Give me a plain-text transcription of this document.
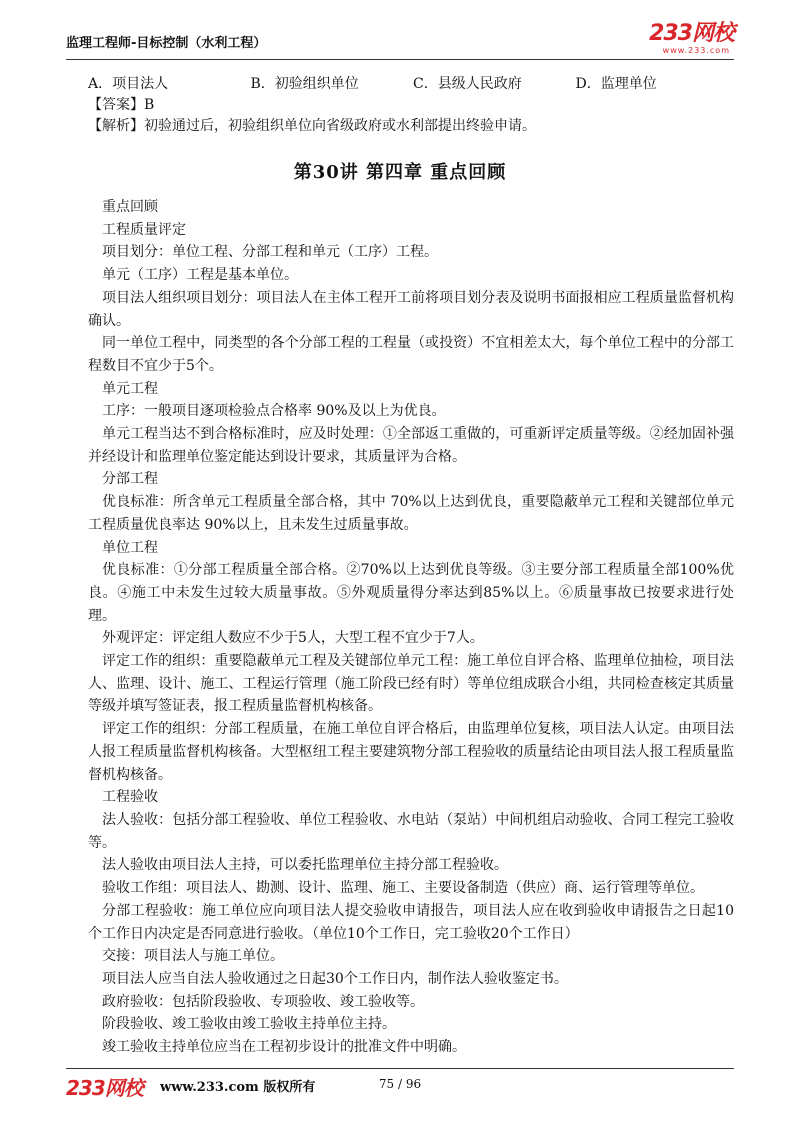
监理工程师-目标控制（水利工程）	233网校
www.233.com
A．项目法人	B．初验组织单位	C．县级人民政府	D．监理单位
【答案】B
【解析】初验通过后，初验组织单位向省级政府或水利部提出终验申请。
第30讲 第四章 重点回顾

重点回顾

工程质量评定

项目划分：单位工程、分部工程和单元（工序）工程。

单元（工序）工程是基本单位。

项目法人组织项目划分：项目法人在主体工程开工前将项目划分表及说明书面报相应工程质量监督机构确认。

同一单位工程中，同类型的各个分部工程的工程量（或投资）不宜相差太大，每个单位工程中的分部工程数目不宜少于5个。

单元工程

工序：一般项目逐项检验点合格率 90%及以上为优良。

单元工程当达不到合格标准时，应及时处理：①全部返工重做的，可重新评定质量等级。②经加固补强并经设计和监理单位鉴定能达到设计要求，其质量评为合格。

分部工程

优良标准：所含单元工程质量全部合格，其中 70%以上达到优良，重要隐蔽单元工程和关键部位单元工程质量优良率达 90%以上，且未发生过质量事故。

单位工程

优良标准：①分部工程质量全部合格。②70%以上达到优良等级。③主要分部工程质量全部100%优良。④施工中未发生过较大质量事故。⑤外观质量得分率达到85%以上。⑥质量事故已按要求进行处理。

外观评定：评定组人数应不少于5人，大型工程不宜少于7人。

评定工作的组织：重要隐蔽单元工程及关键部位单元工程：施工单位自评合格、监理单位抽检，项目法人、监理、设计、施工、工程运行管理（施工阶段已经有时）等单位组成联合小组，共同检查核定其质量等级并填写签证表，报工程质量监督机构核备。

评定工作的组织：分部工程质量，在施工单位自评合格后，由监理单位复核，项目法人认定。由项目法人报工程质量监督机构核备。大型枢纽工程主要建筑物分部工程验收的质量结论由项目法人报工程质量监督机构核备。

工程验收

法人验收：包括分部工程验收、单位工程验收、水电站（泵站）中间机组启动验收、合同工程完工验收等。

法人验收由项目法人主持，可以委托监理单位主持分部工程验收。

验收工作组：项目法人、勘测、设计、监理、施工、主要设备制造（供应）商、运行管理等单位。

分部工程验收：施工单位应向项目法人提交验收申请报告，项目法人应在收到验收申请报告之日起10个工作日内决定是否同意进行验收。（单位10个工作日，完工验收20个工作日）

交接：项目法人与施工单位。

项目法人应当自法人验收通过之日起30个工作日内，制作法人验收鉴定书。

政府验收：包括阶段验收、专项验收、竣工验收等。

阶段验收、竣工验收由竣工验收主持单位主持。

竣工验收主持单位应当在工程初步设计的批准文件中明确。

233网校 www.233.com 版权所有	75 / 96
